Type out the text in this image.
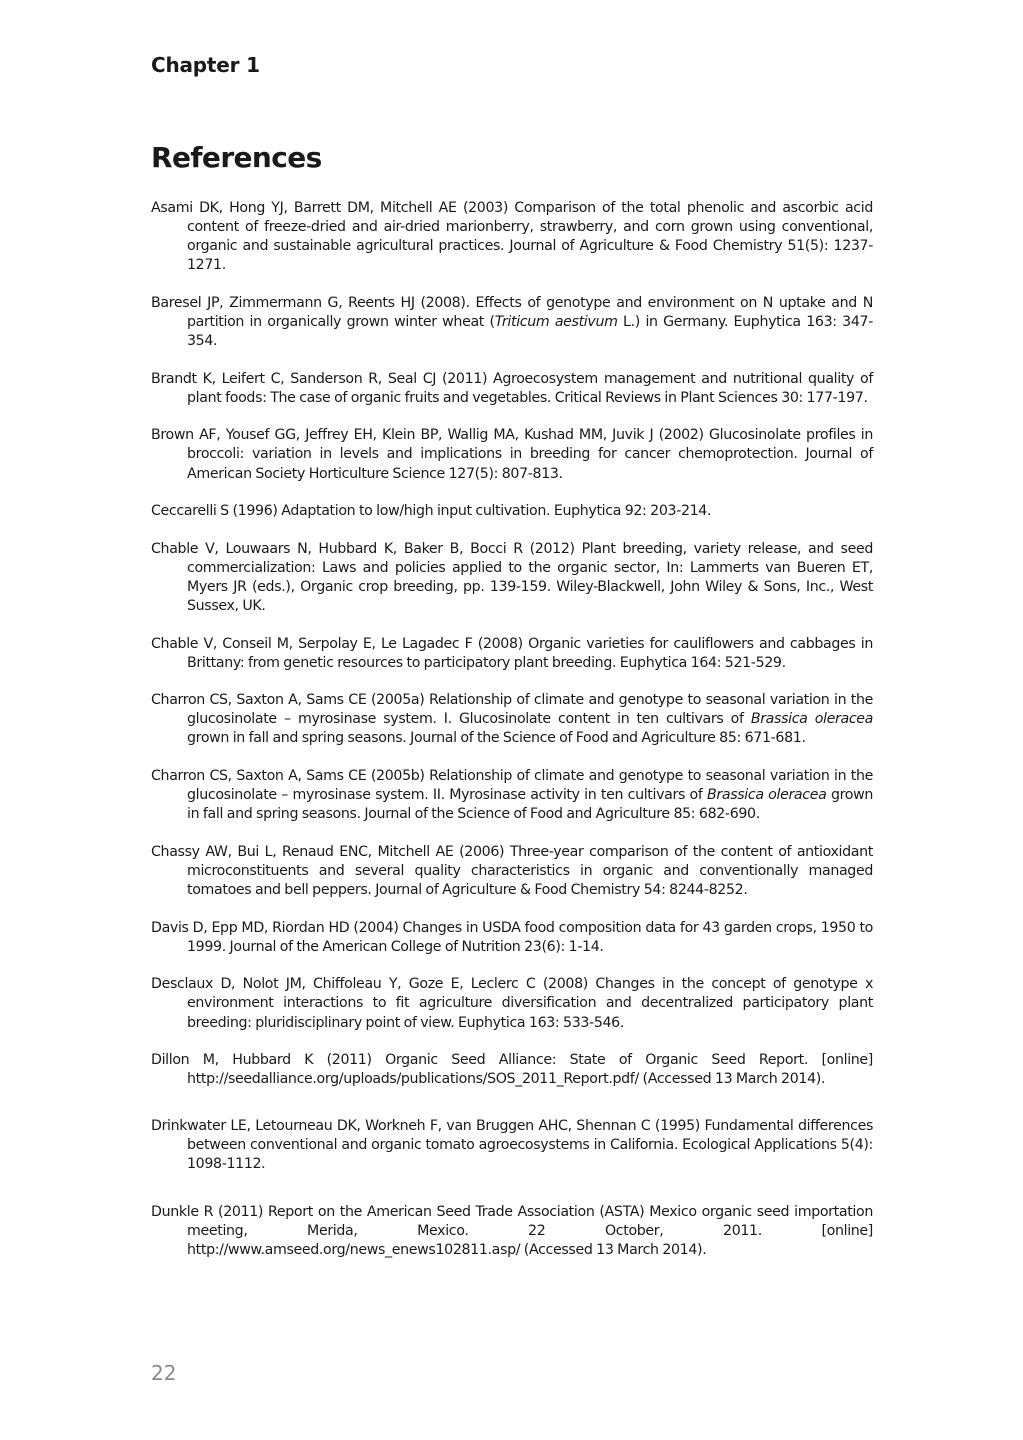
Chapter 1
References
Asami DK, Hong YJ, Barrett DM, Mitchell AE (2003) Comparison of the total phenolic and ascorbic acid content of freeze-dried and air-dried marionberry, strawberry, and corn grown using conventional, organic and sustainable agricultural practices. Journal of Agriculture & Food Chemistry 51(5): 1237-1271.
Baresel JP, Zimmermann G, Reents HJ (2008). Effects of genotype and environment on N uptake and N partition in organically grown winter wheat (Triticum aestivum L.) in Germany. Euphytica 163: 347-354.
Brandt K, Leifert C, Sanderson R, Seal CJ (2011) Agroecosystem management and nutritional quality of plant foods: The case of organic fruits and vegetables. Critical Reviews in Plant Sciences 30: 177-197.
Brown AF, Yousef GG, Jeffrey EH, Klein BP, Wallig MA, Kushad MM, Juvik J (2002) Glucosinolate profiles in broccoli: variation in levels and implications in breeding for cancer chemoprotection. Journal of American Society Horticulture Science 127(5): 807-813.
Ceccarelli S (1996) Adaptation to low/high input cultivation. Euphytica 92: 203-214.
Chable V, Louwaars N, Hubbard K, Baker B, Bocci R (2012) Plant breeding, variety release, and seed commercialization: Laws and policies applied to the organic sector, In: Lammerts van Bueren ET, Myers JR (eds.), Organic crop breeding, pp. 139-159. Wiley-Blackwell, John Wiley & Sons, Inc., West Sussex, UK.
Chable V, Conseil M, Serpolay E, Le Lagadec F (2008) Organic varieties for cauliflowers and cabbages in Brittany: from genetic resources to participatory plant breeding. Euphytica 164: 521-529.
Charron CS, Saxton A, Sams CE (2005a) Relationship of climate and genotype to seasonal variation in the glucosinolate – myrosinase system. I. Glucosinolate content in ten cultivars of Brassica oleracea grown in fall and spring seasons. Journal of the Science of Food and Agriculture 85: 671-681.
Charron CS, Saxton A, Sams CE (2005b) Relationship of climate and genotype to seasonal variation in the glucosinolate – myrosinase system. II. Myrosinase activity in ten cultivars of Brassica oleracea grown in fall and spring seasons. Journal of the Science of Food and Agriculture 85: 682-690.
Chassy AW, Bui L, Renaud ENC, Mitchell AE (2006) Three-year comparison of the content of antioxidant microconstituents and several quality characteristics in organic and conventionally managed tomatoes and bell peppers. Journal of Agriculture & Food Chemistry 54: 8244-8252.
Davis D, Epp MD, Riordan HD (2004) Changes in USDA food composition data for 43 garden crops, 1950 to 1999. Journal of the American College of Nutrition 23(6): 1-14.
Desclaux D, Nolot JM, Chiffoleau Y, Goze E, Leclerc C (2008) Changes in the concept of genotype x environment interactions to fit agriculture diversification and decentralized participatory plant breeding: pluridisciplinary point of view. Euphytica 163: 533-546.
Dillon M, Hubbard K (2011) Organic Seed Alliance: State of Organic Seed Report. [online] http://seedalliance.org/uploads/publications/SOS_2011_Report.pdf/ (Accessed 13 March 2014).
Drinkwater LE, Letourneau DK, Workneh F, van Bruggen AHC, Shennan C (1995) Fundamental differences between conventional and organic tomato agroecosystems in California. Ecological Applications 5(4): 1098-1112.
Dunkle R (2011) Report on the American Seed Trade Association (ASTA) Mexico organic seed importation meeting, Merida, Mexico. 22 October, 2011. [online] http://www.amseed.org/news_enews102811.asp/ (Accessed 13 March 2014).
22
